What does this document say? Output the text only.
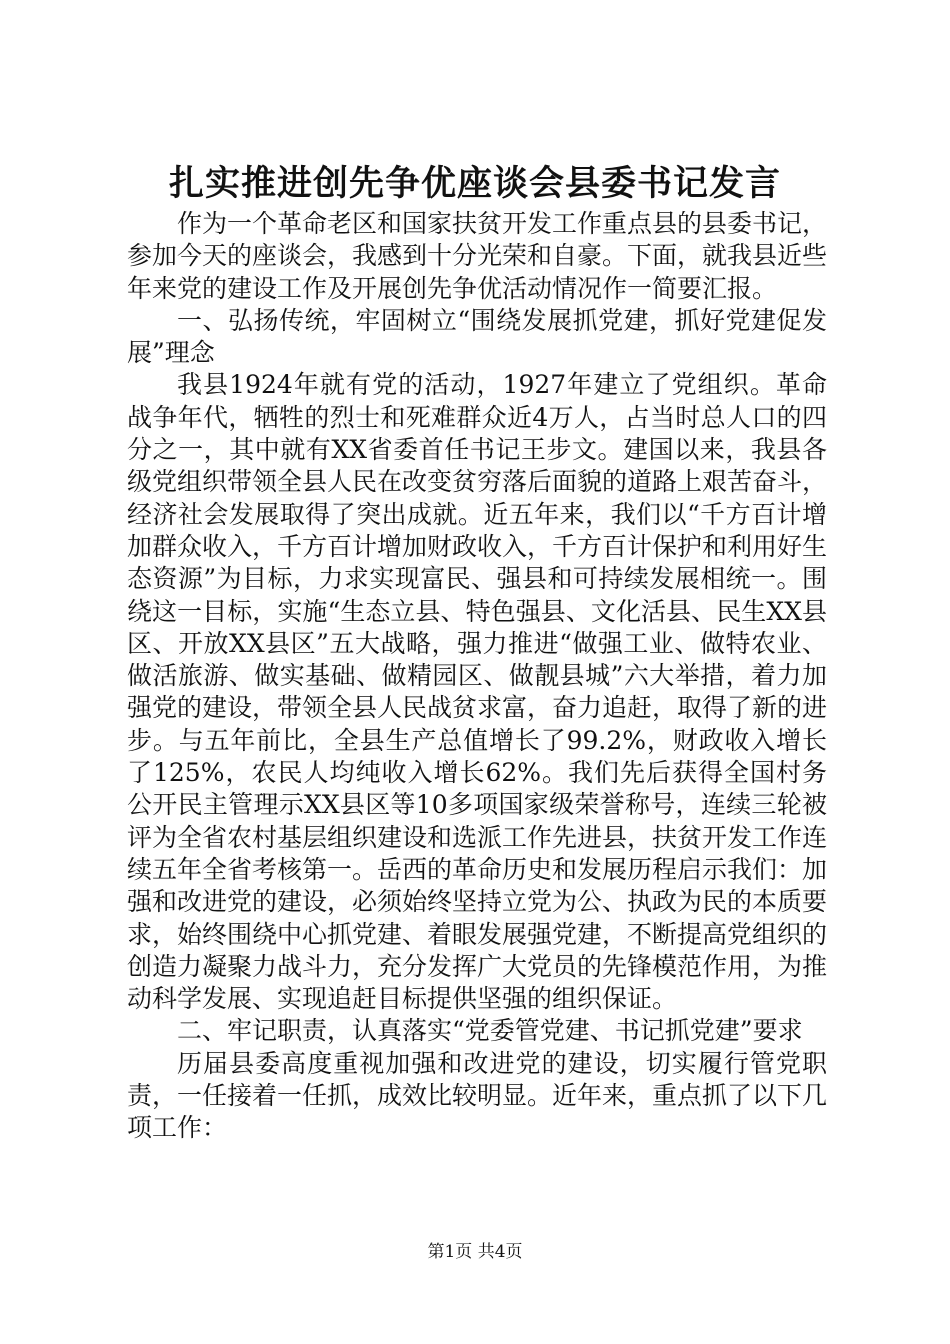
扎实推进创先争优座谈会县委书记发言

作为一个革命老区和国家扶贫开发工作重点县的县委书记，参加今天的座谈会，我感到十分光荣和自豪。下面，就我县近些年来党的建设工作及开展创先争优活动情况作一简要汇报。

一、弘扬传统，牢固树立“围绕发展抓党建，抓好党建促发展”理念

我县1924年就有党的活动，1927年建立了党组织。革命战争年代，牺牲的烈士和死难群众近4万人，占当时总人口的四分之一，其中就有XX省委首任书记王步文。建国以来，我县各级党组织带领全县人民在改变贫穷落后面貌的道路上艰苦奋斗，经济社会发展取得了突出成就。近五年来，我们以“千方百计增加群众收入，千方百计增加财政收入，千方百计保护和利用好生态资源”为目标，力求实现富民、强县和可持续发展相统一。围绕这一目标，实施“生态立县、特色强县、文化活县、民生XX县区、开放XX县区”五大战略，强力推进“做强工业、做特农业、做活旅游、做实基础、做精园区、做靓县城”六大举措，着力加强党的建设，带领全县人民战贫求富，奋力追赶，取得了新的进步。与五年前比，全县生产总值增长了99.2%，财政收入增长了125%，农民人均纯收入增长62%。我们先后获得全国村务公开民主管理示XX县区等10多项国家级荣誉称号，连续三轮被评为全省农村基层组织建设和选派工作先进县，扶贫开发工作连续五年全省考核第一。岳西的革命历史和发展历程启示我们：加强和改进党的建设，必须始终坚持立党为公、执政为民的本质要求，始终围绕中心抓党建、着眼发展强党建，不断提高党组织的创造力凝聚力战斗力，充分发挥广大党员的先锋模范作用，为推动科学发展、实现追赶目标提供坚强的组织保证。

二、牢记职责，认真落实“党委管党建、书记抓党建”要求

历届县委高度重视加强和改进党的建设，切实履行管党职责，一任接着一任抓，成效比较明显。近年来，重点抓了以下几项工作：

第1页 共4页
